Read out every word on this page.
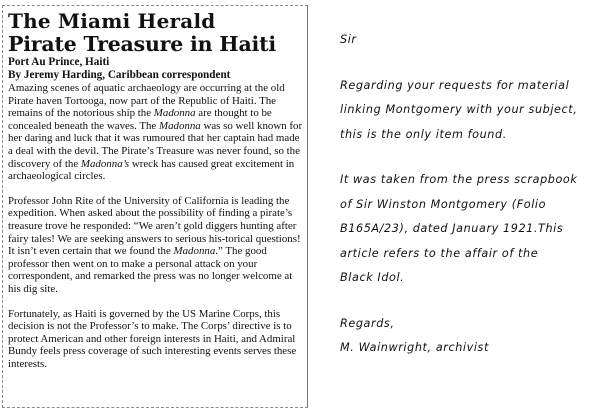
The Miami Herald
Pirate Treasure in Haiti
Port Au Prince, Haiti
By Jeremy Harding, Caribbean correspondent

Amazing scenes of aquatic archaeology are occurring at the old Pirate haven Tortooga, now part of the Republic of Haiti. The remains of the notorious ship the Madonna are thought to be concealed beneath the waves. The Madonna was so well known for her daring and luck that it was rumoured that her captain had made a deal with the devil. The Pirate’s Treasure was never found, so the discovery of the Madonna’s wreck has caused great excitement in archaeological circles.

Professor John Rite of the University of California is leading the expedition. When asked about the possibility of finding a pirate’s treasure trove he responded: “We aren’t gold diggers hunting after fairy tales! We are seeking answers to serious his-torical questions! It isn’t even certain that we found the Madonna.” The good professor then went on to make a personal attack on your correspondent, and remarked the press was no longer welcome at his dig site.

Fortunately, as Haiti is governed by the US Marine Corps, this decision is not the Professor’s to make. The Corps’ directive is to protect American and other foreign interests in Haiti, and Admiral Bundy feels press coverage of such interesting events serves these interests.

Sir
Regarding your requests for material
linking Montgomery with your subject,
this is the only item found.
It was taken from the press scrapbook
of Sir Winston Montgomery (Folio
B165A/23), dated January 1921.This
article refers to the affair of the
Black Idol.
Regards,
M. Wainwright, archivist
